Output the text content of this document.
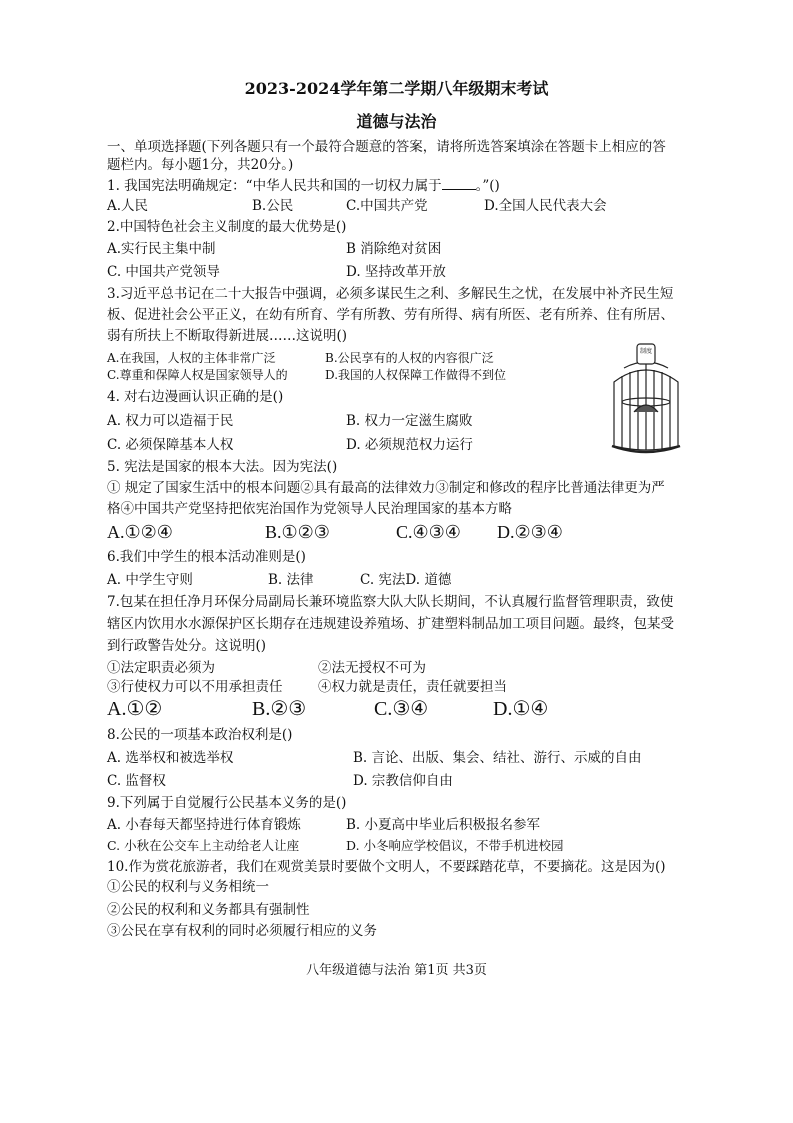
2023-2024学年第二学期八年级期末考试
道德与法治
一、单项选择题(下列各题只有一个最符合题意的答案，请将所选答案填涂在答题卡上相应的答
题栏内。每小题1分，共20分。)
1. 我国宪法明确规定：“中华人民共和国的一切权力属于	。”()
A.人民	B.公民	C.中国共产党	D.全国人民代表大会
2.中国特色社会主义制度的最大优势是()
A.实行民主集中制	B 消除绝对贫困
C. 中国共产党领导	D. 坚持改革开放
3.习近平总书记在二十大报告中强调，必须多谋民生之利、多解民生之忧，在发展中补齐民生短
板、促进社会公平正义，在幼有所育、学有所教、劳有所得、病有所医、老有所养、住有所居、
弱有所扶上不断取得新进展……这说明()
A.在我国，人权的主体非常广泛	B.公民享有的人权的内容很广泛
C.尊重和保障人权是国家领导人的	D.我国的人权保障工作做得不到位
制度
4. 对右边漫画认识正确的是()
A. 权力可以造福于民	B. 权力一定滋生腐败
C. 必须保障基本人权	D. 必须规范权力运行
5. 宪法是国家的根本大法。因为宪法()
① 规定了国家生活中的根本问题②具有最高的法律效力③制定和修改的程序比普通法律更为严
格④中国共产党坚持把依宪治国作为党领导人民治理国家的基本方略
A.①②④	B.①②③	C.④③④ D.②③④
6.我们中学生的根本活动准则是()
A. 中学生守则	B. 法律	C. 宪法D. 道德
7.包某在担任净月环保分局副局长兼环境监察大队大队长期间，不认真履行监督管理职责，致使
辖区内饮用水水源保护区长期存在违规建设养殖场、扩建塑料制品加工项目问题。最终，包某受
到行政警告处分。这说明()
①法定职责必须为	②法无授权不可为
③行使权力可以不用承担责任	④权力就是责任，责任就要担当
A.①②	B.②③	C.③④	D.①④
8.公民的一项基本政治权利是()
A. 选举权和被选举权	B. 言论、出版、集会、结社、游行、示威的自由
C. 监督权	D. 宗教信仰自由
9.下列属于自觉履行公民基本义务的是()
A. 小春每天都坚持进行体育锻炼	B. 小夏高中毕业后积极报名参军
C. 小秋在公交车上主动给老人让座	D. 小冬响应学校倡议，不带手机进校园
10.作为赏花旅游者，我们在观赏美景时要做个文明人，不要踩踏花草，不要摘花。这是因为()
①公民的权利与义务相统一
②公民的权利和义务都具有强制性
③公民在享有权利的同时必须履行相应的义务
八年级道德与法治 第1页 共3页
